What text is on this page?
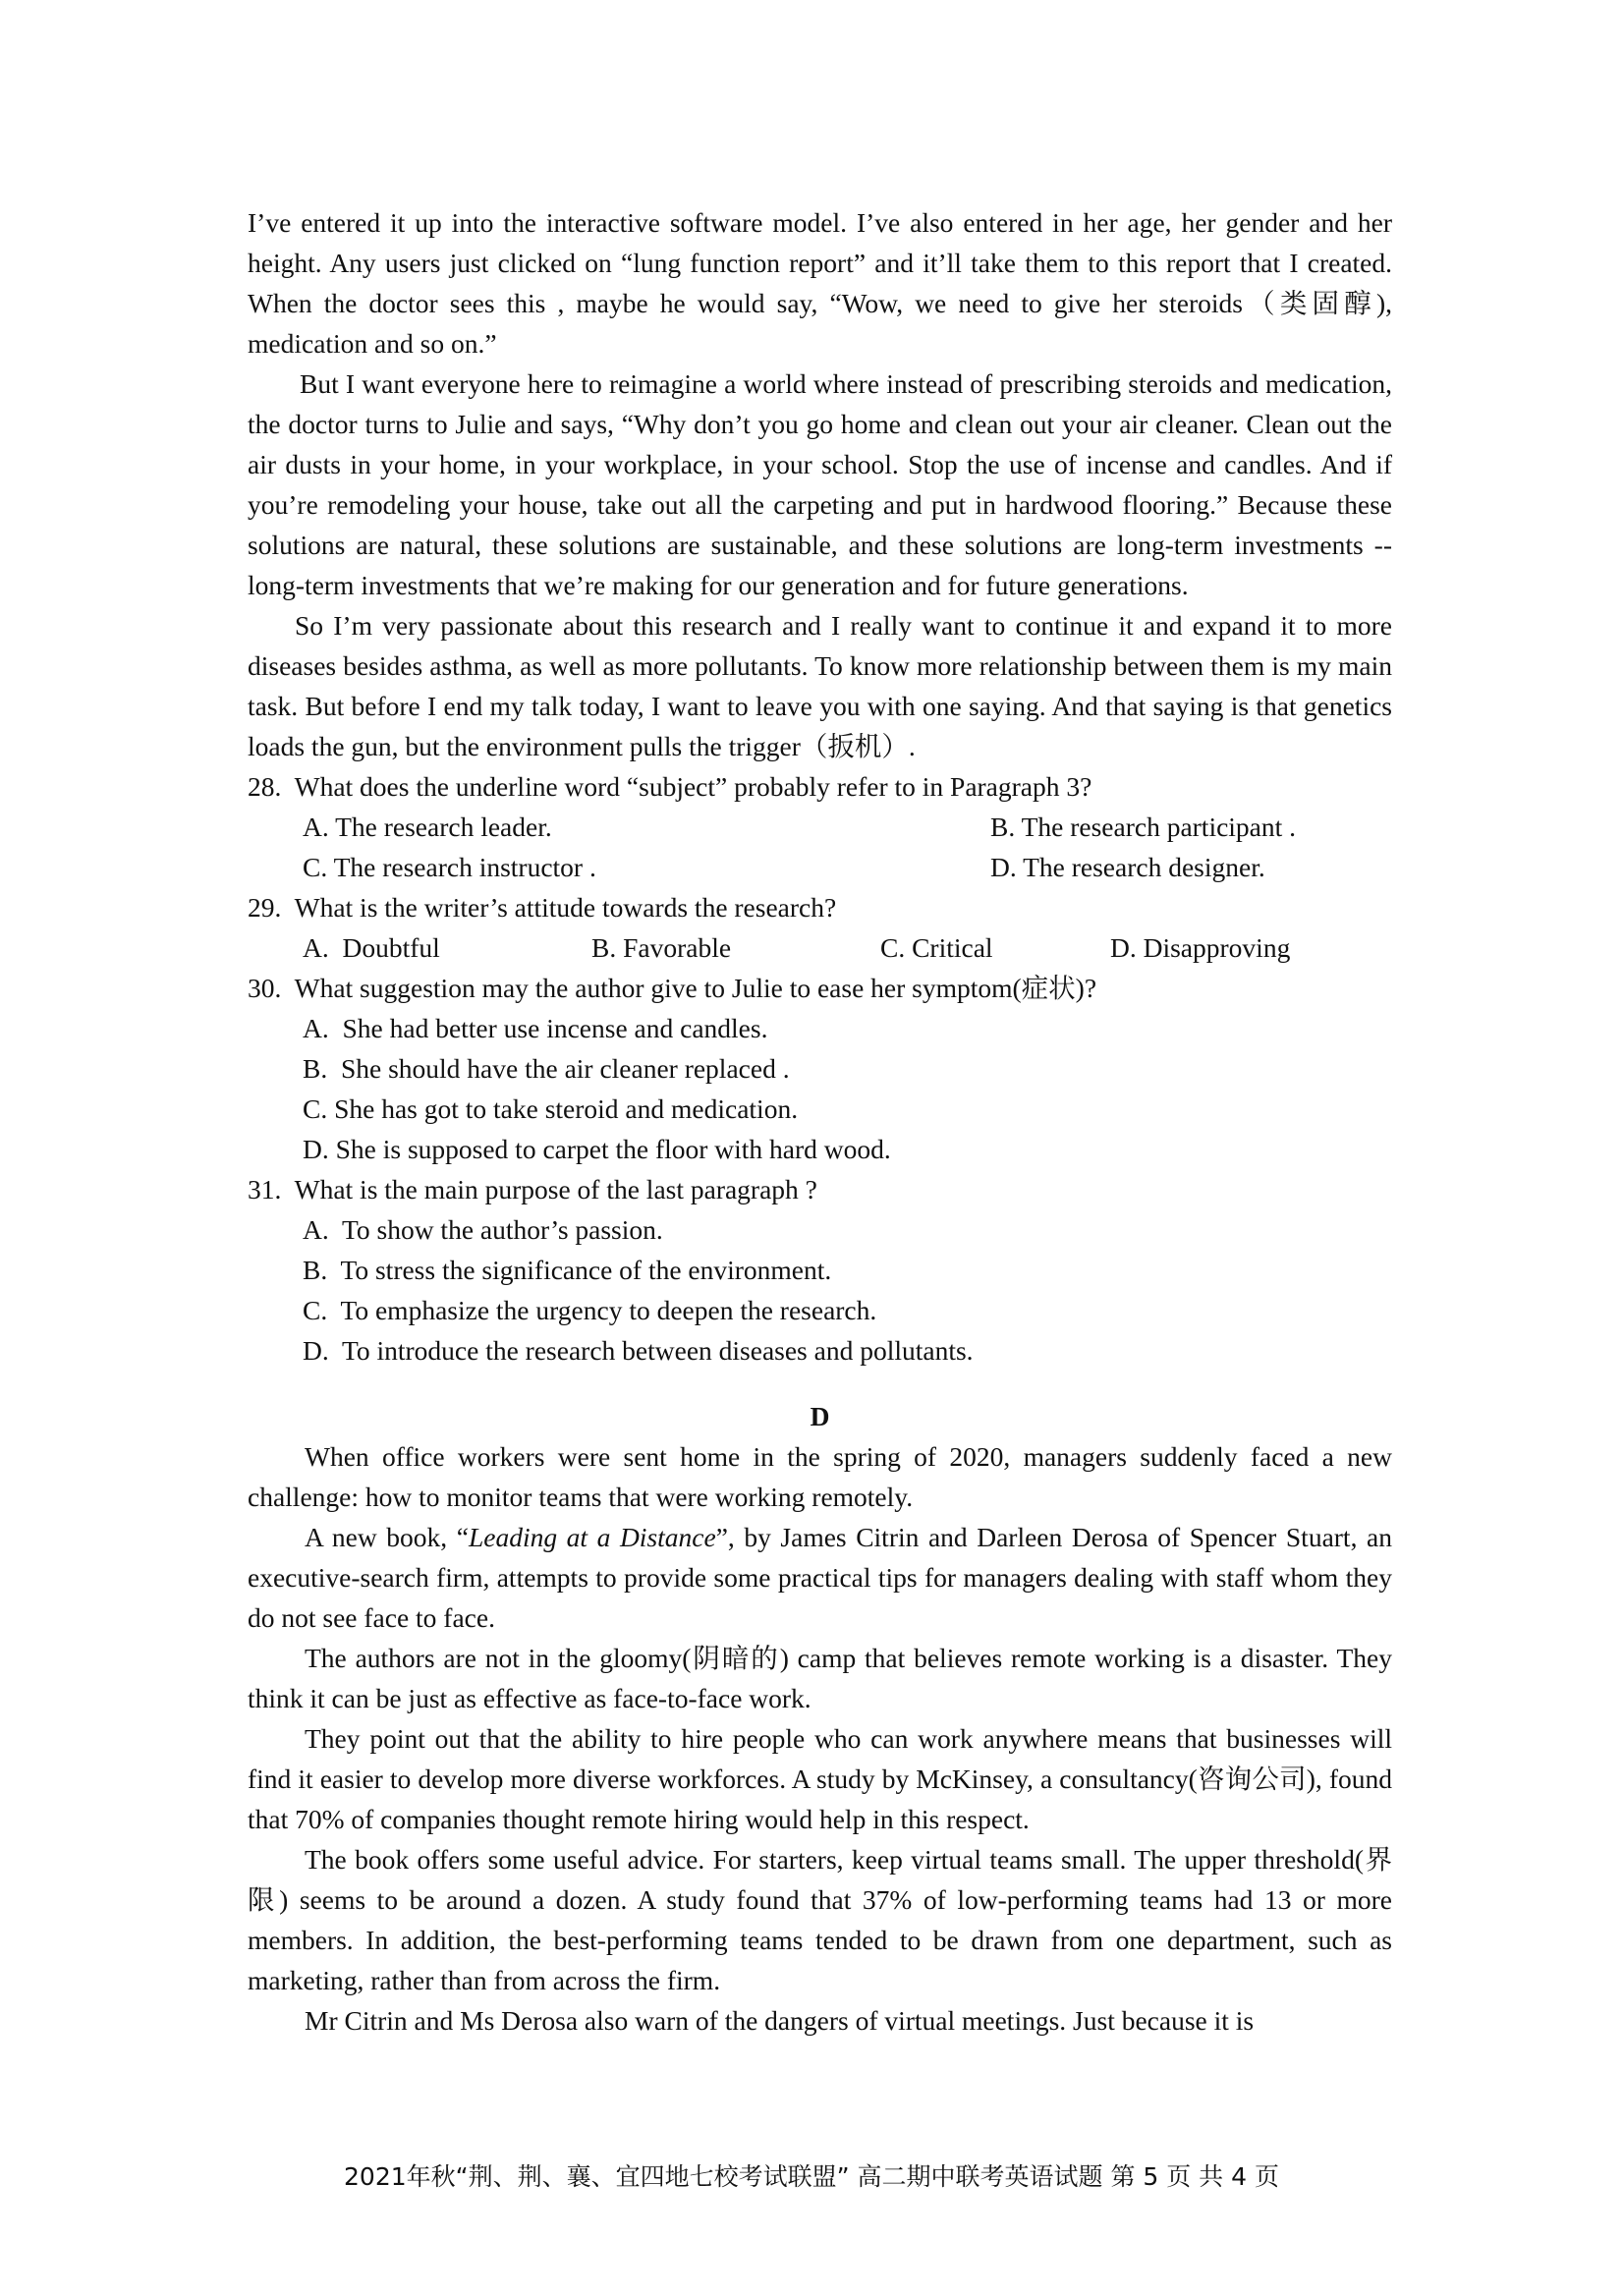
I’ve entered it up into the interactive software model. I’ve also entered in her age, her gender and her height. Any users just clicked on “lung function report” and it’ll take them to this report that I created. When the doctor sees this , maybe he would say, “Wow, we need to give her steroids（类固醇), medication and so on.”

But I want everyone here to reimagine a world where instead of prescribing steroids and medication, the doctor turns to Julie and says, “Why don’t you go home and clean out your air cleaner. Clean out the air dusts in your home, in your workplace, in your school. Stop the use of incense and candles. And if you’re remodeling your house, take out all the carpeting and put in hardwood flooring.” Because these solutions are natural, these solutions are sustainable, and these solutions are long-term investments -- long-term investments that we’re making for our generation and for future generations.

So I’m very passionate about this research and I really want to continue it and expand it to more diseases besides asthma, as well as more pollutants. To know more relationship between them is my main task. But before I end my talk today, I want to leave you with one saying. And that saying is that genetics loads the gun, but the environment pulls the trigger（扳机）.

28.  What does the underline word “subject” probably refer to in Paragraph 3?

A. The research leader.	B. The research participant .
C. The research instructor .	D. The research designer.

29.  What is the writer’s attitude towards the research?

A.  Doubtful	B. Favorable	C. Critical	D. Disapproving

30.  What suggestion may the author give to Julie to ease her symptom(症状)?

A.  She had better use incense and candles.

B.  She should have the air cleaner replaced .

C. She has got to take steroid and medication.

D. She is supposed to carpet the floor with hard wood.

31.  What is the main purpose of the last paragraph ?

A.  To show the author’s passion.

B.  To stress the significance of the environment.

C.  To emphasize the urgency to deepen the research.

D.  To introduce the research between diseases and pollutants.

D

When office workers were sent home in the spring of 2020, managers suddenly faced a new challenge: how to monitor teams that were working remotely.

A new book, “Leading at a Distance”, by James Citrin and Darleen Derosa of Spencer Stuart, an executive-search firm, attempts to provide some practical tips for managers dealing with staff whom they do not see face to face.

The authors are not in the gloomy(阴暗的) camp that believes remote working is a disaster. They think it can be just as effective as face-to-face work.

They point out that the ability to hire people who can work anywhere means that businesses will find it easier to develop more diverse workforces. A study by McKinsey, a consultancy(咨询公司), found that 70% of companies thought remote hiring would help in this respect.

The book offers some useful advice. For starters, keep virtual teams small. The upper threshold(界限) seems to be around a dozen. A study found that 37% of low-performing teams had 13 or more members. In addition, the best-performing teams tended to be drawn from one department, such as marketing, rather than from across the firm.

Mr Citrin and Ms Derosa also warn of the dangers of virtual meetings. Just because it is

2021年秋“荆、荆、襄、宜四地七校考试联盟” 高二期中联考英语试题 第 5 页 共 4 页
